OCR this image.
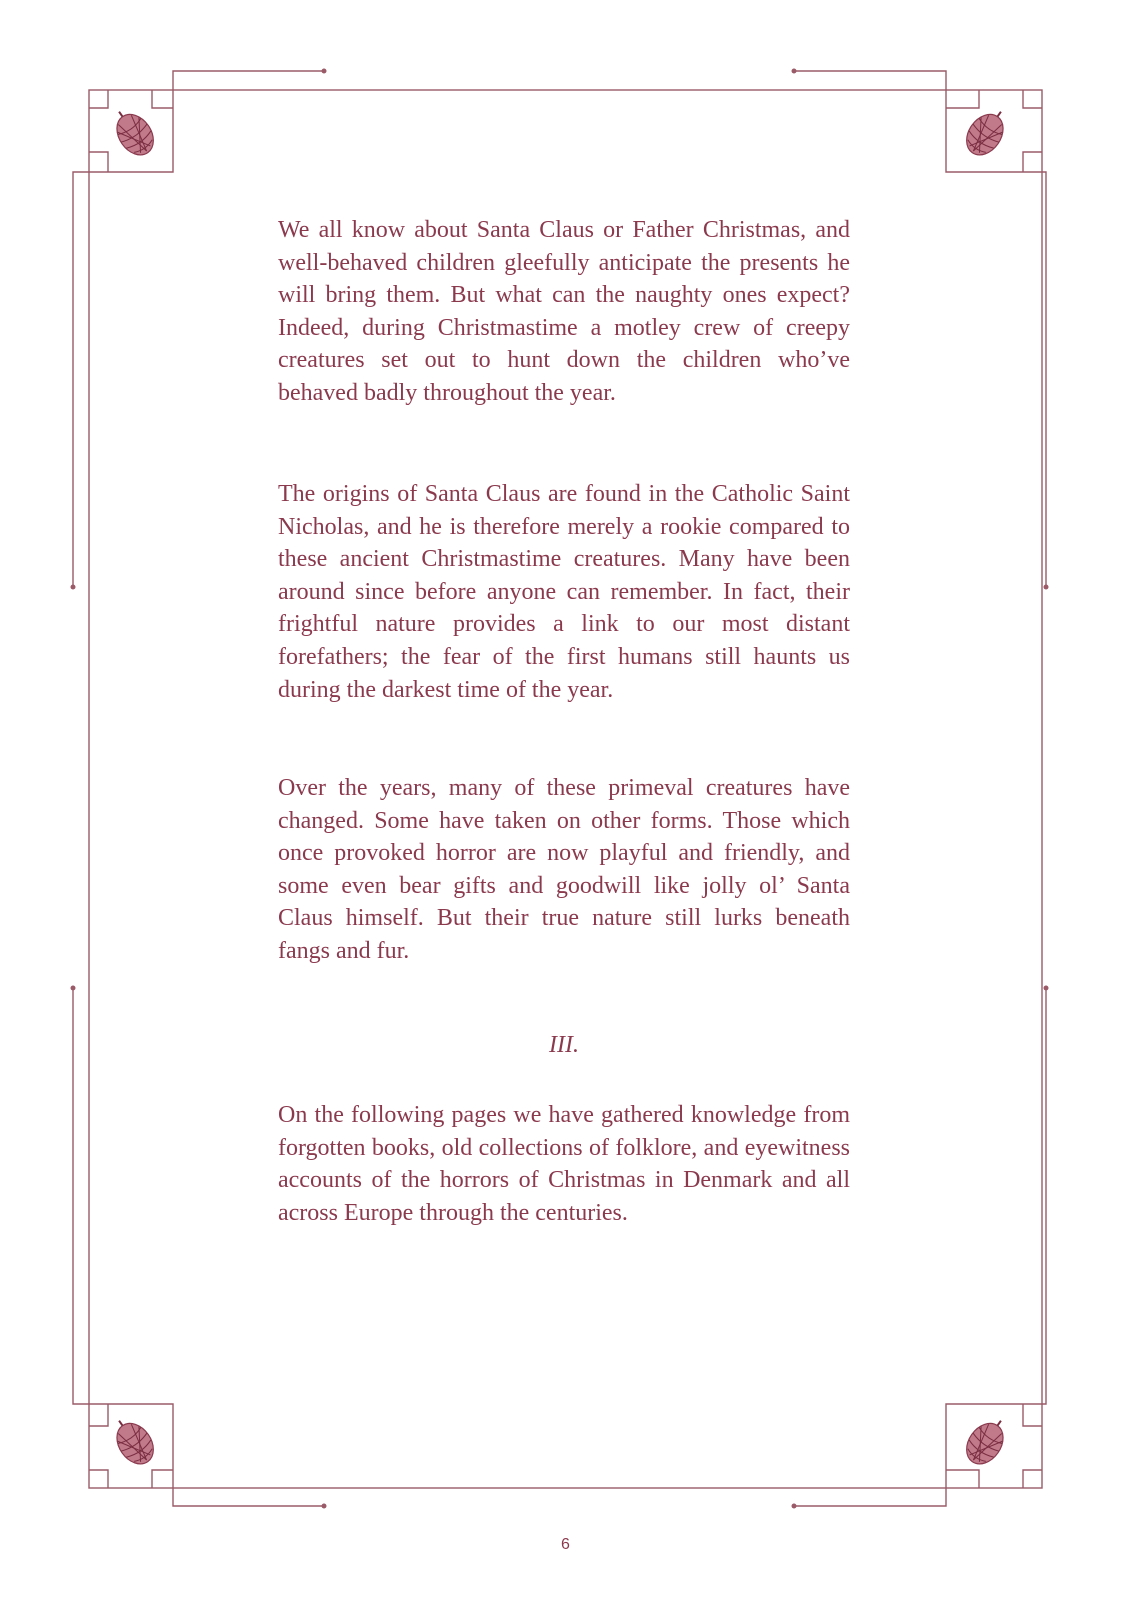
We all know about Santa Claus or Father Christmas, and well-behaved children gleefully anticipate the presents he will bring them. But what can the naughty ones expect? Indeed, during Christmastime a motley crew of creepy creatures set out to hunt down the children who’ve behaved badly throughout the year.

The origins of Santa Claus are found in the Catholic Saint Nicholas, and he is therefore merely a rookie compared to these ancient Christmastime creatures. Many have been around since before anyone can remember. In fact, their frightful nature provides a link to our most distant forefathers; the fear of the first humans still haunts us during the darkest time of the year.

Over the years, many of these primeval creatures have changed. Some have taken on other forms. Those which once provoked horror are now playful and friendly, and some even bear gifts and goodwill like jolly ol’ Santa Claus himself. But their true nature still lurks beneath fangs and fur.

III.

On the following pages we have gathered knowledge from forgotten books, old collections of folklore, and eyewitness accounts of the horrors of Christmas in Denmark and all across Europe through the centuries.

6
